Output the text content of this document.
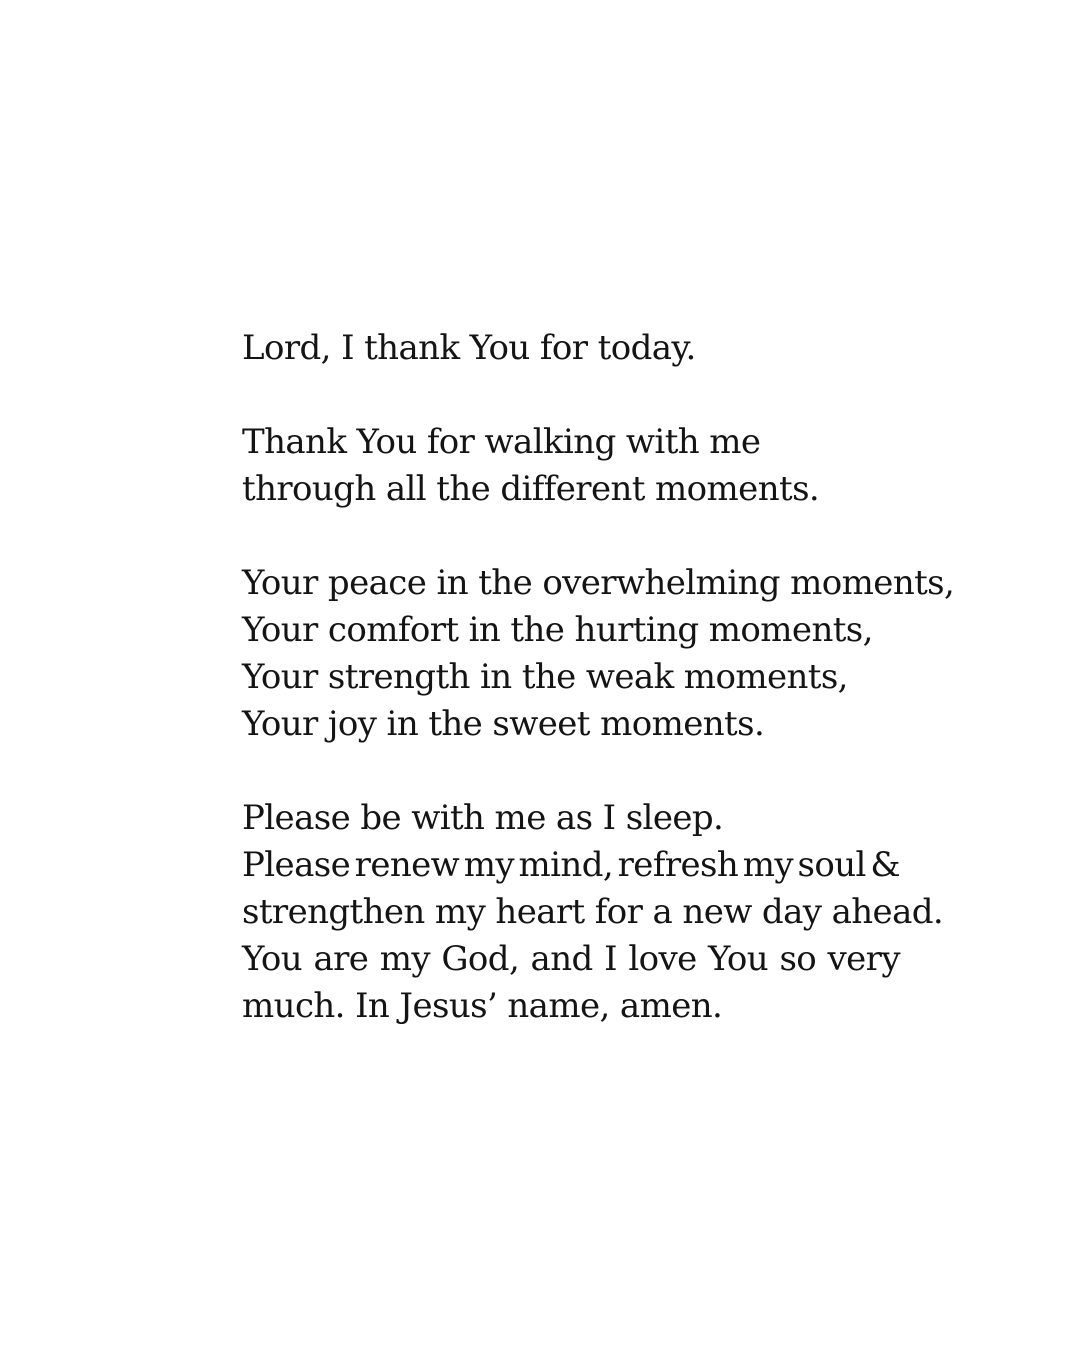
Lord, I thank You for today.
Thank You for walking with me
through all the different moments.
Your peace in the overwhelming moments,
Your comfort in the hurting moments,
Your strength in the weak moments,
Your joy in the sweet moments.
Please be with me as I sleep.
Please renew my mind, refresh my soul &
strengthen my heart for a new day ahead.
You are my God, and I love You so very
much. In Jesus’ name, amen.
